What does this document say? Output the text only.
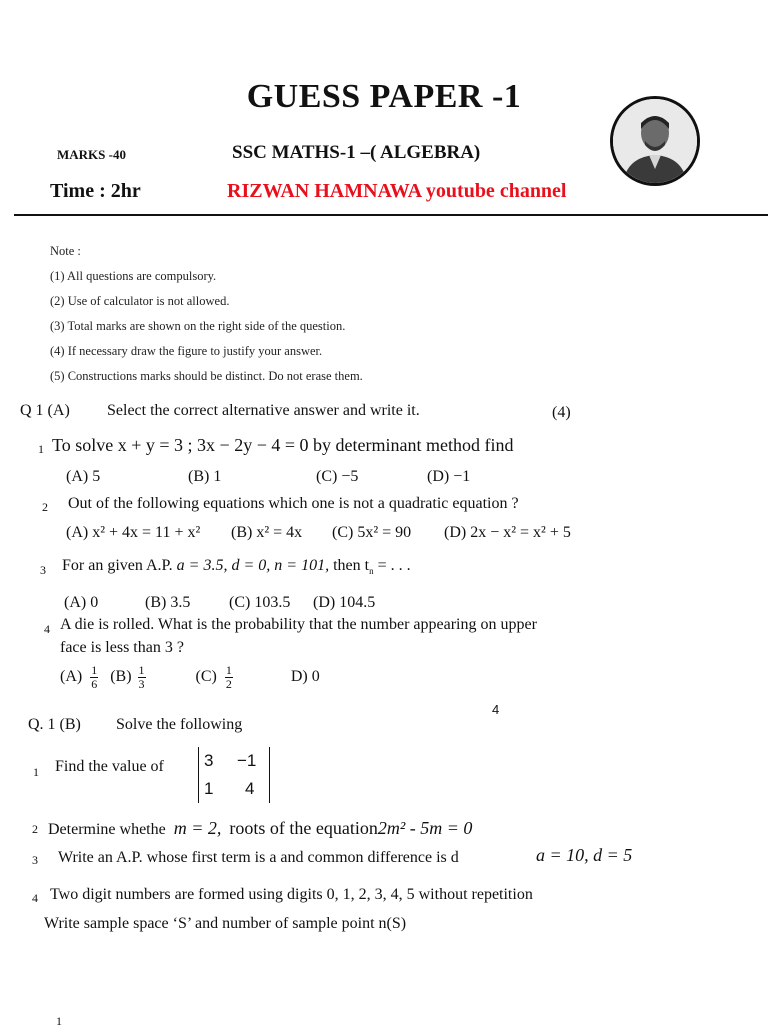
GUESS PAPER -1
MARKS -40	SSC MATHS-1 –( ALGEBRA)
Time : 2hr	RIZWAN HAMNAWA youtube channel
Note :
(1) All questions are compulsory.
(2) Use of calculator is not allowed.
(3) Total marks are shown on the right side of the question.
(4) If necessary draw the figure to justify your answer.
(5) Constructions marks should be distinct. Do not erase them.
Q 1 (A) Select the correct alternative answer and write it.	(4)
1 To solve x + y = 3 ; 3x − 2y − 4 = 0 by determinant method find
(A) 5	(B) 1	(C) −5	(D) −1
2 Out of the following equations which one is not a quadratic equation ?
(A) x² + 4x = 11 + x² (B) x² = 4x (C) 5x² = 90 (D) 2x − x² = x² + 5
3 For an given A.P. a = 3.5, d = 0, n = 101, then $t_n$ = . . .
(A) 0	(B) 3.5 (C) 103.5 (D) 104.5
4 A die is rolled. What is the probability that the number appearing on upper
face is less than 3 ?
$(A) \frac{1}{6} (B) \frac{1}{3}$	$(C) \frac{1}{2}$	D) 0
Q. 1 (B) Solve the following
4
1 Find the value of 3 −1
1 4
2 Determine whethe m = 2, roots of the equation2m² - 5m = 0
3 Write an A.P. whose first term is a and common difference is d	a = 10, d = 5
4 Two digit numbers are formed using digits 0, 1, 2, 3, 4, 5 without repetition
Write sample space ‘S’ and number of sample point n(S)
1
